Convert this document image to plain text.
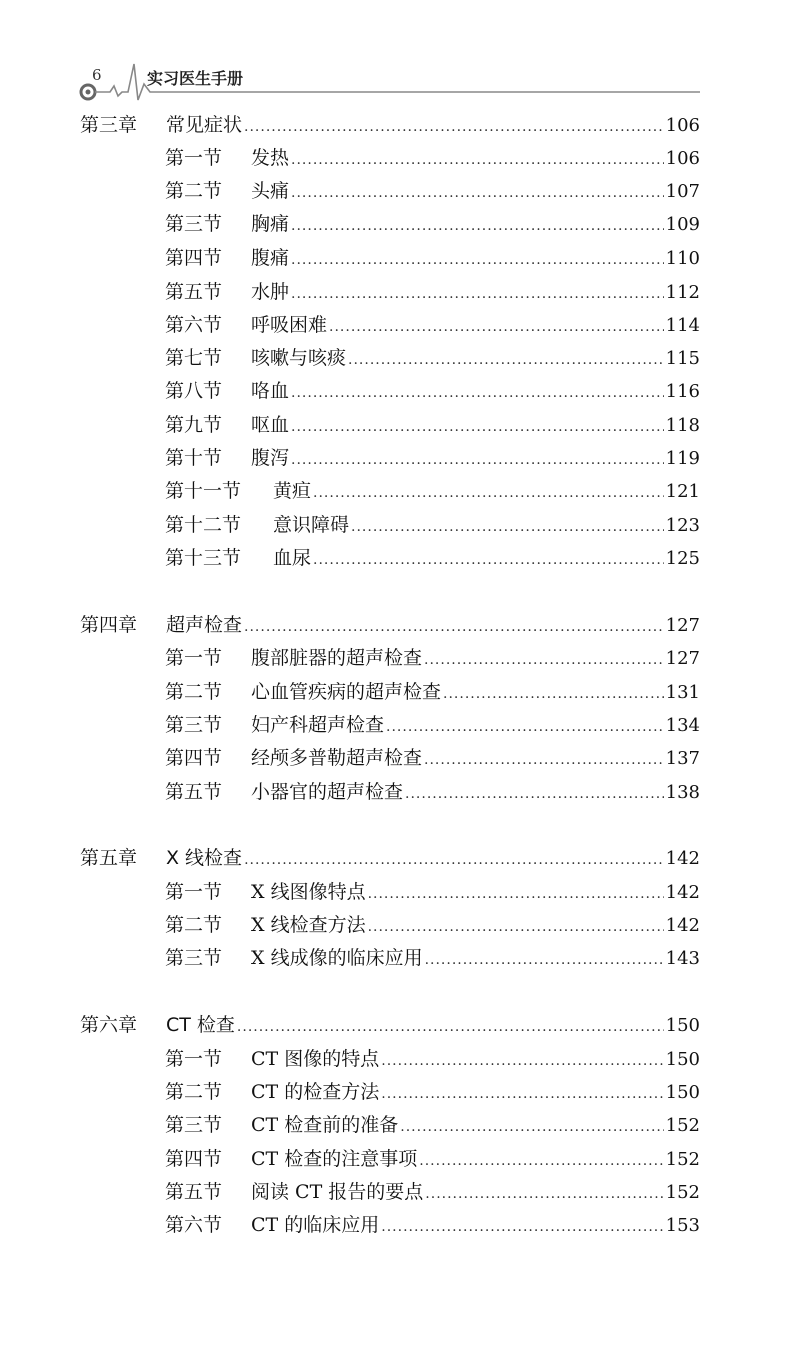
6	实习医生手册
第三章	常见症状 .....	106
第一节	发热 .....	106
第二节	头痛 .....	107
第三节	胸痛 .....	109
第四节	腹痛 .....	110
第五节	水肿 .....	112
第六节	呼吸困难 .....	114
第七节	咳嗽与咳痰 .....	115
第八节	咯血 .....	116
第九节	呕血 .....	118
第十节	腹泻 .....	119
第十一节	黄疸 .....	121
第十二节	意识障碍 .....	123
第十三节	血尿 .....	125
第四章	超声检查 .....	127
第一节	腹部脏器的超声检查 .....	127
第二节	心血管疾病的超声检查 .....	131
第三节	妇产科超声检查 .....	134
第四节	经颅多普勒超声检查 .....	137
第五节	小器官的超声检查 .....	138
第五章	X 线检查 .....	142
第一节	X 线图像特点 .....	142
第二节	X 线检查方法 .....	142
第三节	X 线成像的临床应用 .....	143
第六章	CT 检查 .....	150
第一节	CT 图像的特点 .....	150
第二节	CT 的检查方法 .....	150
第三节	CT 检查前的准备 .....	152
第四节	CT 检查的注意事项 .....	152
第五节	阅读 CT 报告的要点 .....	152
第六节	CT 的临床应用 .....	153
